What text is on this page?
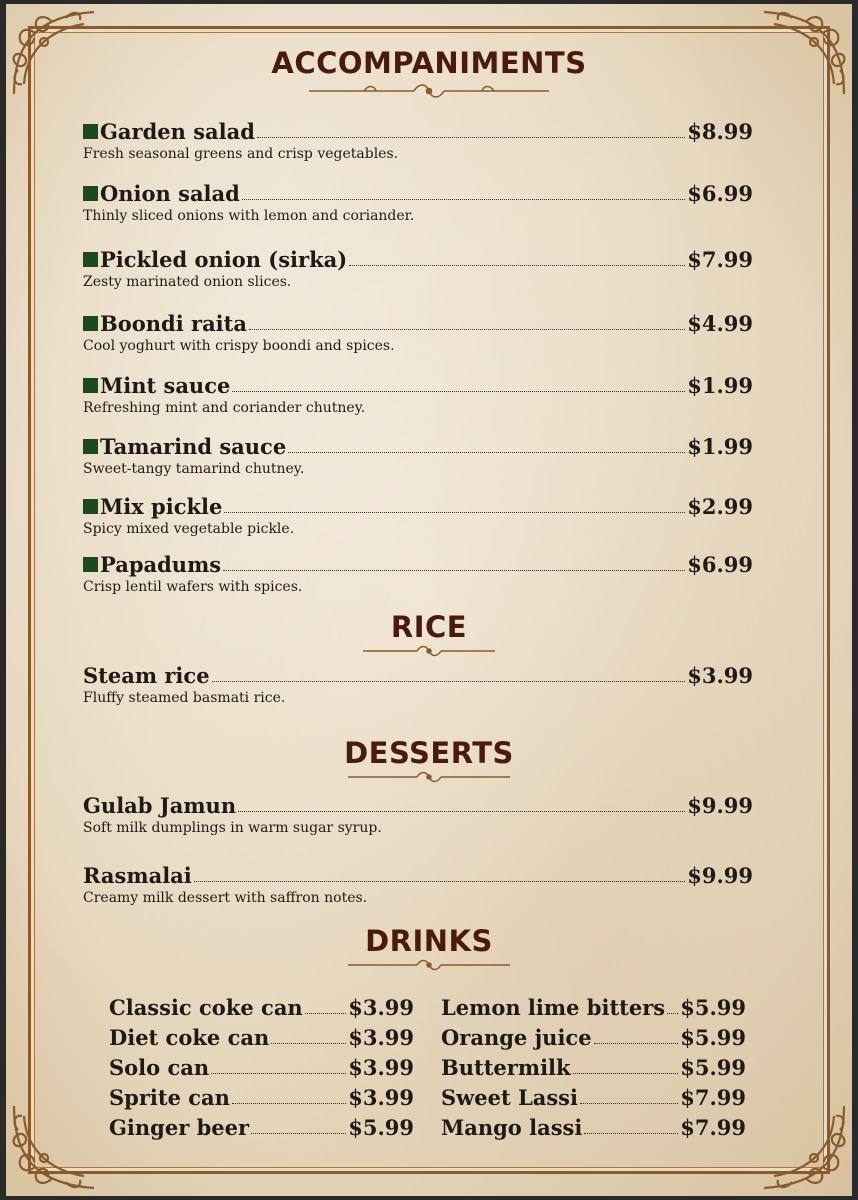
ACCOMPANIMENTS
Garden salad	$8.99
Fresh seasonal greens and crisp vegetables.
Onion salad	$6.99
Thinly sliced onions with lemon and coriander.
Pickled onion (sirka)	$7.99
Zesty marinated onion slices.
Boondi raita	$4.99
Cool yoghurt with crispy boondi and spices.
Mint sauce	$1.99
Refreshing mint and coriander chutney.
Tamarind sauce	$1.99
Sweet-tangy tamarind chutney.
Mix pickle	$2.99
Spicy mixed vegetable pickle.
Papadums	$6.99
Crisp lentil wafers with spices.
RICE
Steam rice	$3.99
Fluffy steamed basmati rice.
DESSERTS
Gulab Jamun	$9.99
Soft milk dumplings in warm sugar syrup.
Rasmalai	$9.99
Creamy milk dessert with saffron notes.
DRINKS
Classic coke can $3.99
Diet coke can	$3.99
Solo can	$3.99
Sprite can	$3.99
Ginger beer	$5.99
Lemon lime bitters $5.99
Orange juice	$5.99
Buttermilk	$5.99
Sweet Lassi	$7.99
Mango lassi	$7.99
